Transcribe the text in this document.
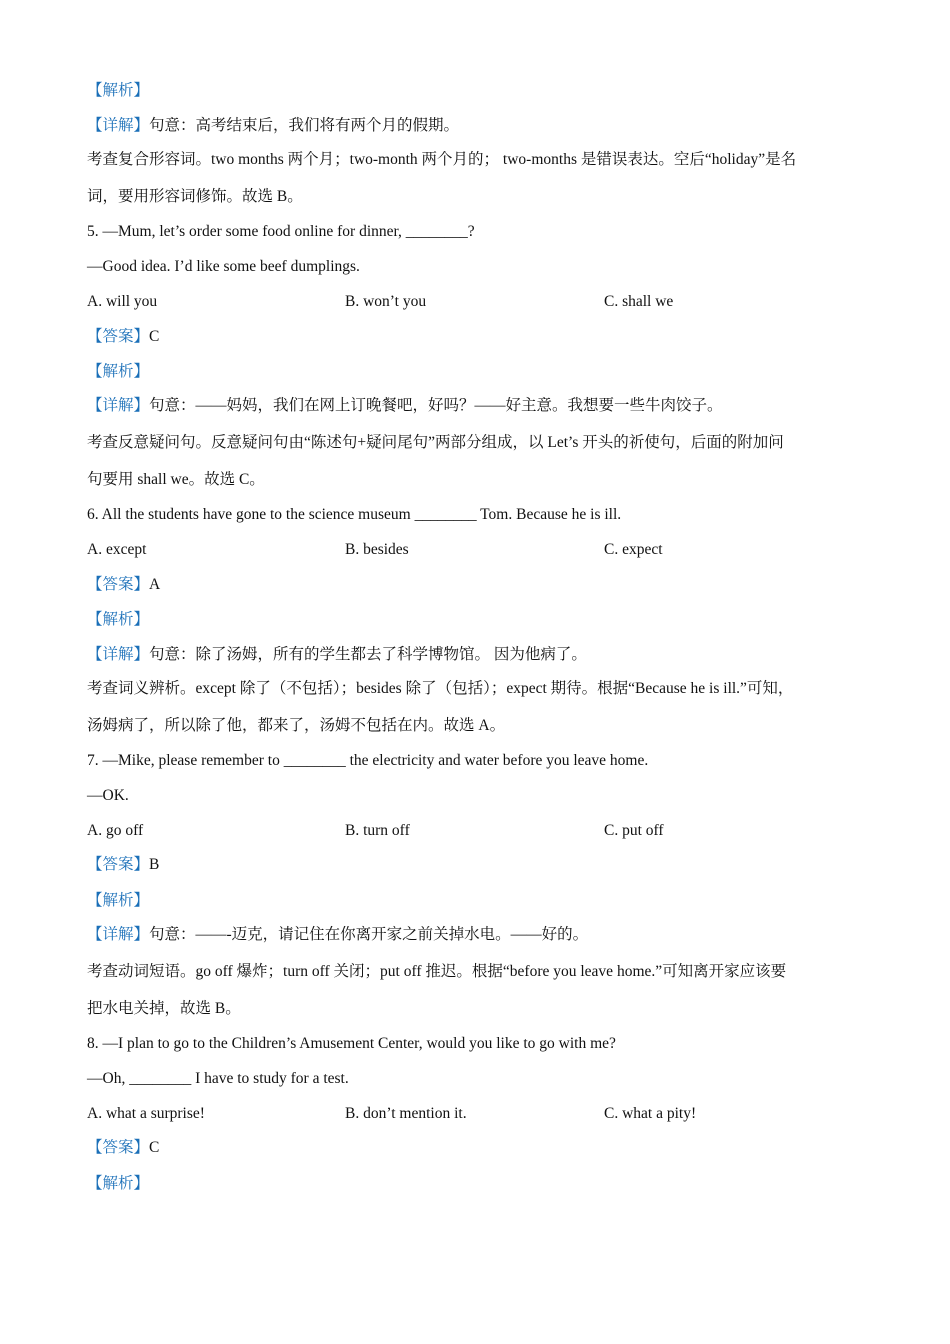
【解析】
【详解】句意：高考结束后，我们将有两个月的假期。
考查复合形容词。two months 两个月；two-month 两个月的； two-months 是错误表达。空后“holiday”是名
词，要用形容词修饰。故选 B。
5. —Mum, let’s order some food online for dinner, ________?
—Good idea. I’d like some beef dumplings.
A. will you	B. won’t you	C. shall we
【答案】C
【解析】
【详解】句意：——妈妈，我们在网上订晚餐吧，好吗？——好主意。我想要一些牛肉饺子。
考查反意疑问句。反意疑问句由“陈述句+疑问尾句”两部分组成，以 Let’s 开头的祈使句，后面的附加问
句要用 shall we。故选 C。
6. All the students have gone to the science museum ________ Tom. Because he is ill.
A. except	B. besides	C. expect
【答案】A
【解析】
【详解】句意：除了汤姆，所有的学生都去了科学博物馆。 因为他病了。
考查词义辨析。except 除了（不包括）；besides 除了（包括）；expect 期待。根据“Because he is ill.”可知，
汤姆病了，所以除了他，都来了，汤姆不包括在内。故选 A。
7. —Mike, please remember to ________ the electricity and water before you leave home.
—OK.
A. go off	B. turn off	C. put off
【答案】B
【解析】
【详解】句意：——-迈克，请记住在你离开家之前关掉水电。——好的。
考查动词短语。go off 爆炸；turn off 关闭；put off 推迟。根据“before you leave home.”可知离开家应该要
把水电关掉，故选 B。
8. —I plan to go to the Children’s Amusement Center, would you like to go with me?
—Oh, ________ I have to study for a test.
A. what a surprise!	B. don’t mention it.	C. what a pity!
【答案】C
【解析】
